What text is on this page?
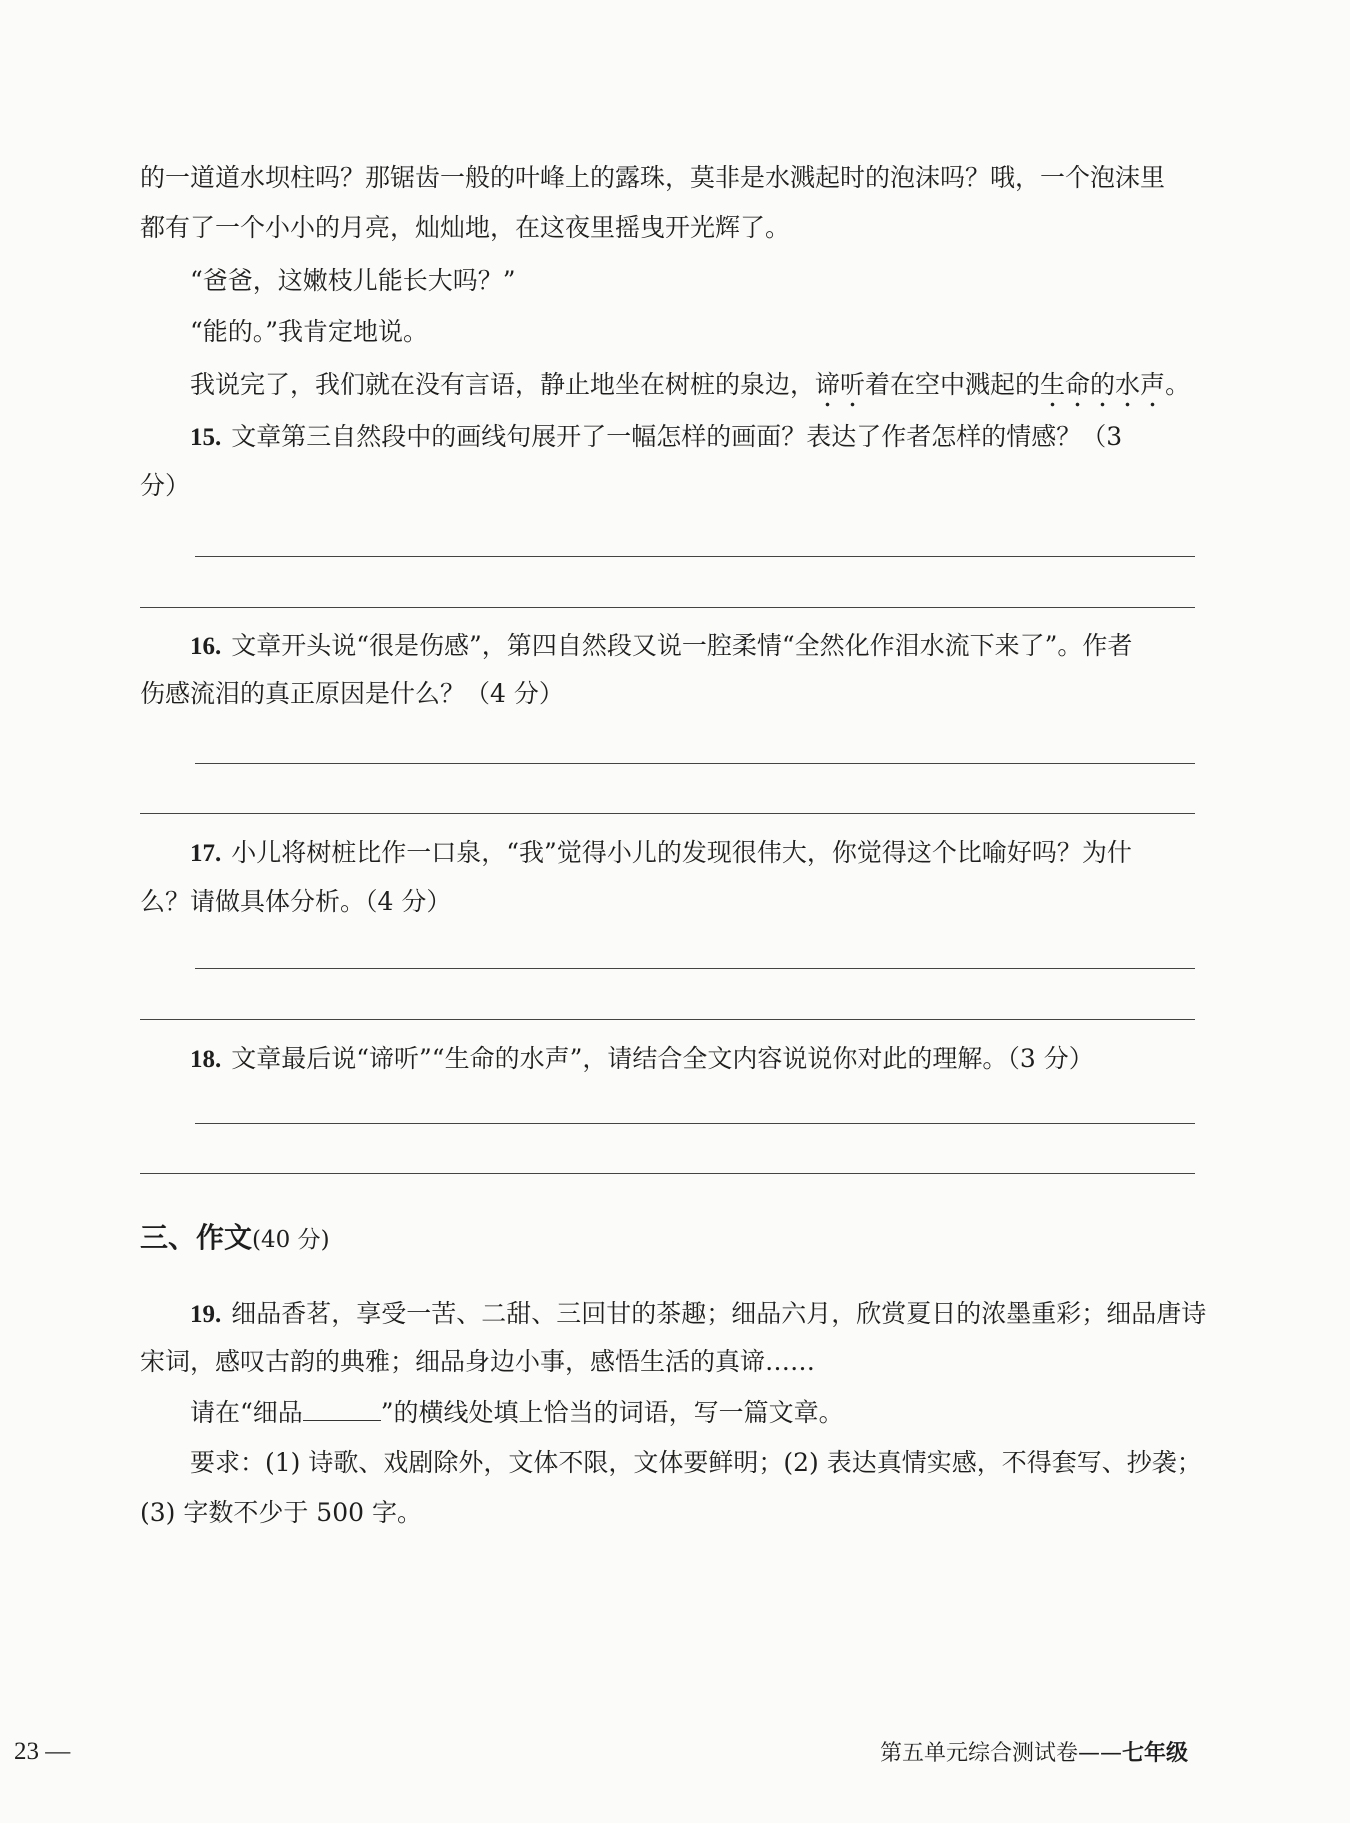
的一道道水坝柱吗？那锯齿一般的叶峰上的露珠，莫非是水溅起时的泡沫吗？哦，一个泡沫里
都有了一个小小的月亮，灿灿地，在这夜里摇曳开光辉了。
“爸爸，这嫩枝儿能长大吗？”
“能的。”我肯定地说。
我说完了，我们就在没有言语，静止地坐在树桩的泉边，谛听着在空中溅起的生命的水声。
15. 文章第三自然段中的画线句展开了一幅怎样的画面？表达了作者怎样的情感？（3
分）
16. 文章开头说“很是伤感”，第四自然段又说一腔柔情“全然化作泪水流下来了”。作者
伤感流泪的真正原因是什么？（4 分）
17. 小儿将树桩比作一口泉，“我”觉得小儿的发现很伟大，你觉得这个比喻好吗？为什
么？请做具体分析。（4 分）
18. 文章最后说“谛听”“生命的水声”，请结合全文内容说说你对此的理解。（3 分）
三、作文(40 分)
19. 细品香茗，享受一苦、二甜、三回甘的茶趣；细品六月，欣赏夏日的浓墨重彩；细品唐诗
宋词，感叹古韵的典雅；细品身边小事，感悟生活的真谛……
请在“细品	”的横线处填上恰当的词语，写一篇文章。
要求：(1) 诗歌、戏剧除外，文体不限，文体要鲜明；(2) 表达真情实感，不得套写、抄袭；
(3) 字数不少于 500 字。
23 —	第五单元综合测试卷——七年级
